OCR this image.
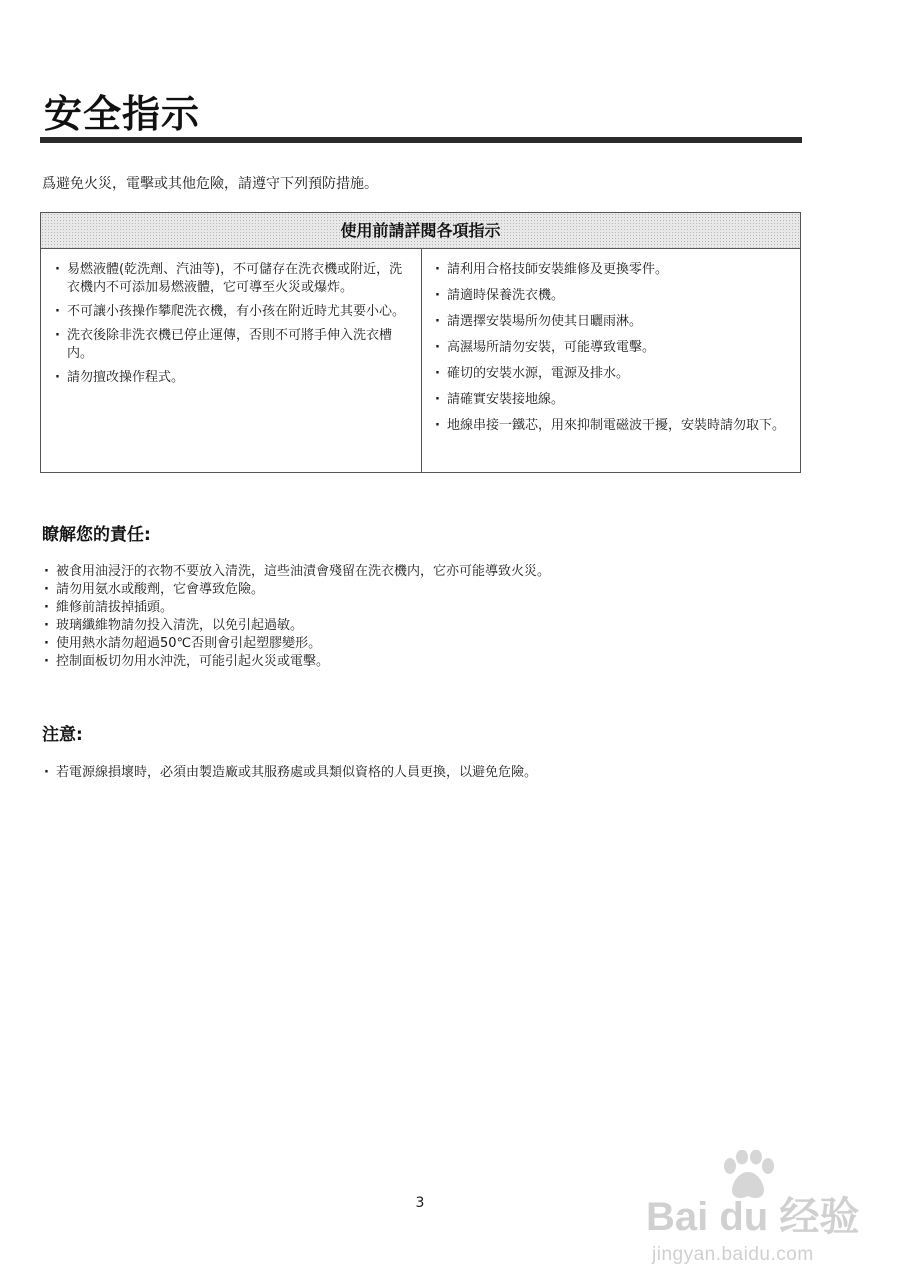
安全指示
爲避免火災，電擊或其他危險，請遵守下列預防措施。
使用前請詳閱各項指示
· 易燃液體(乾洗劑、汽油等)，不可儲存在洗衣機或附近，洗衣機内不可添加易燃液體，它可導至火災或爆炸。
· 不可讓小孩操作攀爬洗衣機，有小孩在附近時尤其要小心。
· 洗衣後除非洗衣機已停止運傳，否則不可將手伸入洗衣槽内。
· 請勿擅改操作程式。
· 請利用合格技師安裝維修及更換零件。
· 請適時保養洗衣機。
· 請選擇安裝場所勿使其日曬雨淋。
· 高濕場所請勿安裝，可能導致電擊。
· 確切的安裝水源，電源及排水。
· 請確實安裝接地線。
· 地線串接一鐵芯，用來抑制電磁波干擾，安裝時請勿取下。
瞭解您的責任:
· 被食用油浸汙的衣物不要放入清洗，這些油漬會殘留在洗衣機内，它亦可能導致火災。
· 請勿用氨水或酸劑，它會導致危險。
· 維修前請拔掉插頭。
· 玻璃纖維物請勿投入清洗，以免引起過敏。
· 使用熱水請勿超過50℃否則會引起塑膠變形。
· 控制面板切勿用水沖洗，可能引起火災或電擊。
注意:
· 若電源線損壞時，必須由製造廠或其服務處或具類似資格的人員更換，以避免危險。
3	Bai du 经验
jingyan.baidu.com
